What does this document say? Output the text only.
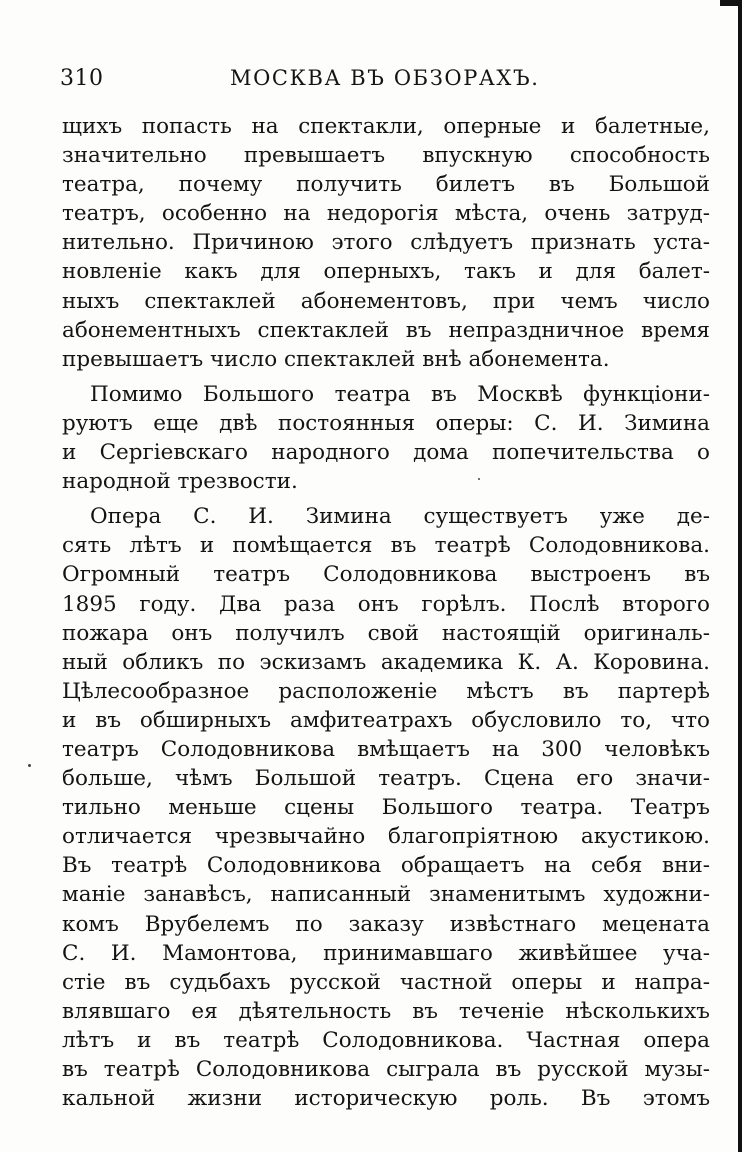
310	МОСКВА ВЪ ОБЗОРАХЪ.
щихъ попасть на спектакли, оперные и балетные,
значительно превышаетъ впускную способность
театра, почему получить билетъ въ Большой
театръ, особенно на недорогія мѣста, очень затруд-
нительно. Причиною этого слѣдуетъ признать уста-
новленіе какъ для оперныхъ, такъ и для балет-
ныхъ спектаклей абонементовъ, при чемъ число
абонементныхъ спектаклей въ непраздничное время
превышаетъ число спектаклей внѣ абонемента.
Помимо Большого театра въ Москвѣ функціони-
руютъ еще двѣ постоянныя оперы: С. И. Зимина
и Сергіевскаго народного дома попечительства о
народной трезвости.
Опера С. И. Зимина существуетъ уже де-
сять лѣтъ и помѣщается въ театрѣ Солодовникова.
Огромный театръ Солодовникова выстроенъ въ
1895 году. Два раза онъ горѣлъ. Послѣ второго
пожара онъ получилъ свой настоящій оригиналь-
ный обликъ по эскизамъ академика К. А. Коровина.
Цѣлесообразное расположеніе мѣстъ въ партерѣ
и въ обширныхъ амфитеатрахъ обусловило то, что
театръ Солодовникова вмѣщаетъ на 300 человѣкъ
больше, чѣмъ Большой театръ. Сцена его значи-
тильно меньше сцены Большого театра. Театръ
отличается чрезвычайно благопріятною акустикою.
Въ театрѣ Солодовникова обращаетъ на себя вни-
маніе занавѣсъ, написанный знаменитымъ художни-
комъ Врубелемъ по заказу извѣстнаго мецената
С. И. Мамонтова, принимавшаго живѣйшее уча-
стіе въ судьбахъ русской частной оперы и напра-
влявшаго ея дѣятельность въ теченіе нѣсколькихъ
лѣтъ и въ театрѣ Солодовникова. Частная опера
въ театрѣ Солодовникова сыграла въ русской музы-
кальной жизни историческую роль. Въ этомъ
